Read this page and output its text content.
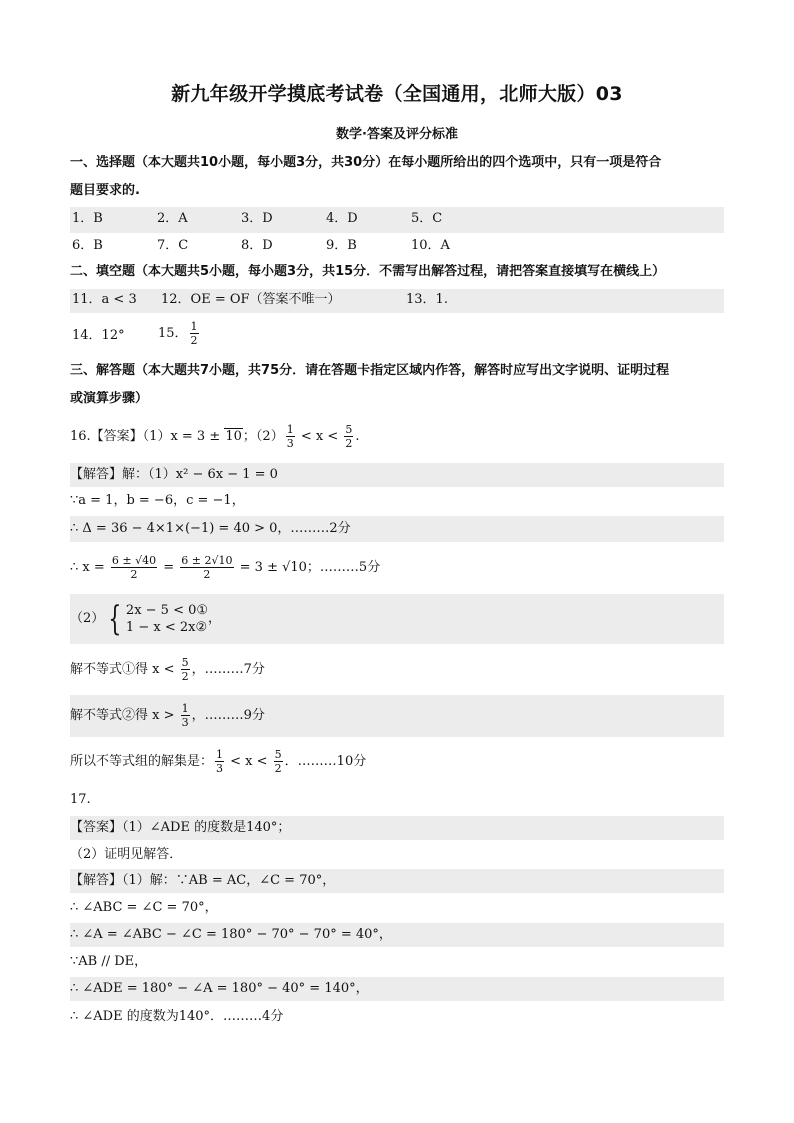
新九年级开学摸底考试卷（全国通用，北师大版）03
数学·答案及评分标准
一、选择题（本大题共10小题，每小题3分，共30分）在每小题所给出的四个选项中，只有一项是符合
题目要求的.
1．B	2．A	3．D	4．D	5．C
6．B	7．C	8．D	9．B	10．A
二、填空题（本大题共5小题，每小题3分，共15分．不需写出解答过程，请把答案直接填写在横线上）
11．a < 3 12．OE = OF（答案不唯一）	13．1.
14．12°	15． $\frac{1}{2}$
三、解答题（本大题共7小题，共75分．请在答题卡指定区域内作答，解答时应写出文字说明、证明过程
或演算步骤）
16.【答案】（1）x = 3 ± 10；$(2) \frac{1}{3} < x < \frac{5}{2}$ .
【解答】解：（1）x² − 6x − 1 = 0
∵a = 1，b = −6，c = −1，
∴ Δ = 36 − 4×1×(−1) = 40 > 0，………2分
∴ $x = \frac{6 \pm √40}{2} = \frac{6 \pm 2√10}{2} = 3 \pm √10$；………5分
（2） { 2x − 5 < 0①
1 − x < 2x②
，
解不等式①得 $x < \frac{5}{2}$ ，………7分
解不等式②得 $x > \frac{1}{3}$ ，………9分
所以不等式组的解集是： $\frac{1}{3} < x < \frac{5}{2}$ ．………10分
17.
【答案】（1）∠ADE 的度数是140°；
（2）证明见解答．
【解答】（1）解：∵AB = AC，∠C = 70°，
∴ ∠ABC = ∠C = 70°，
∴ ∠A = ∠ABC − ∠C = 180° − 70° − 70° = 40°，
∵AB // DE，
∴ ∠ADE = 180° − ∠A = 180° − 40° = 140°，
∴ ∠ADE 的度数为140°．………4分
